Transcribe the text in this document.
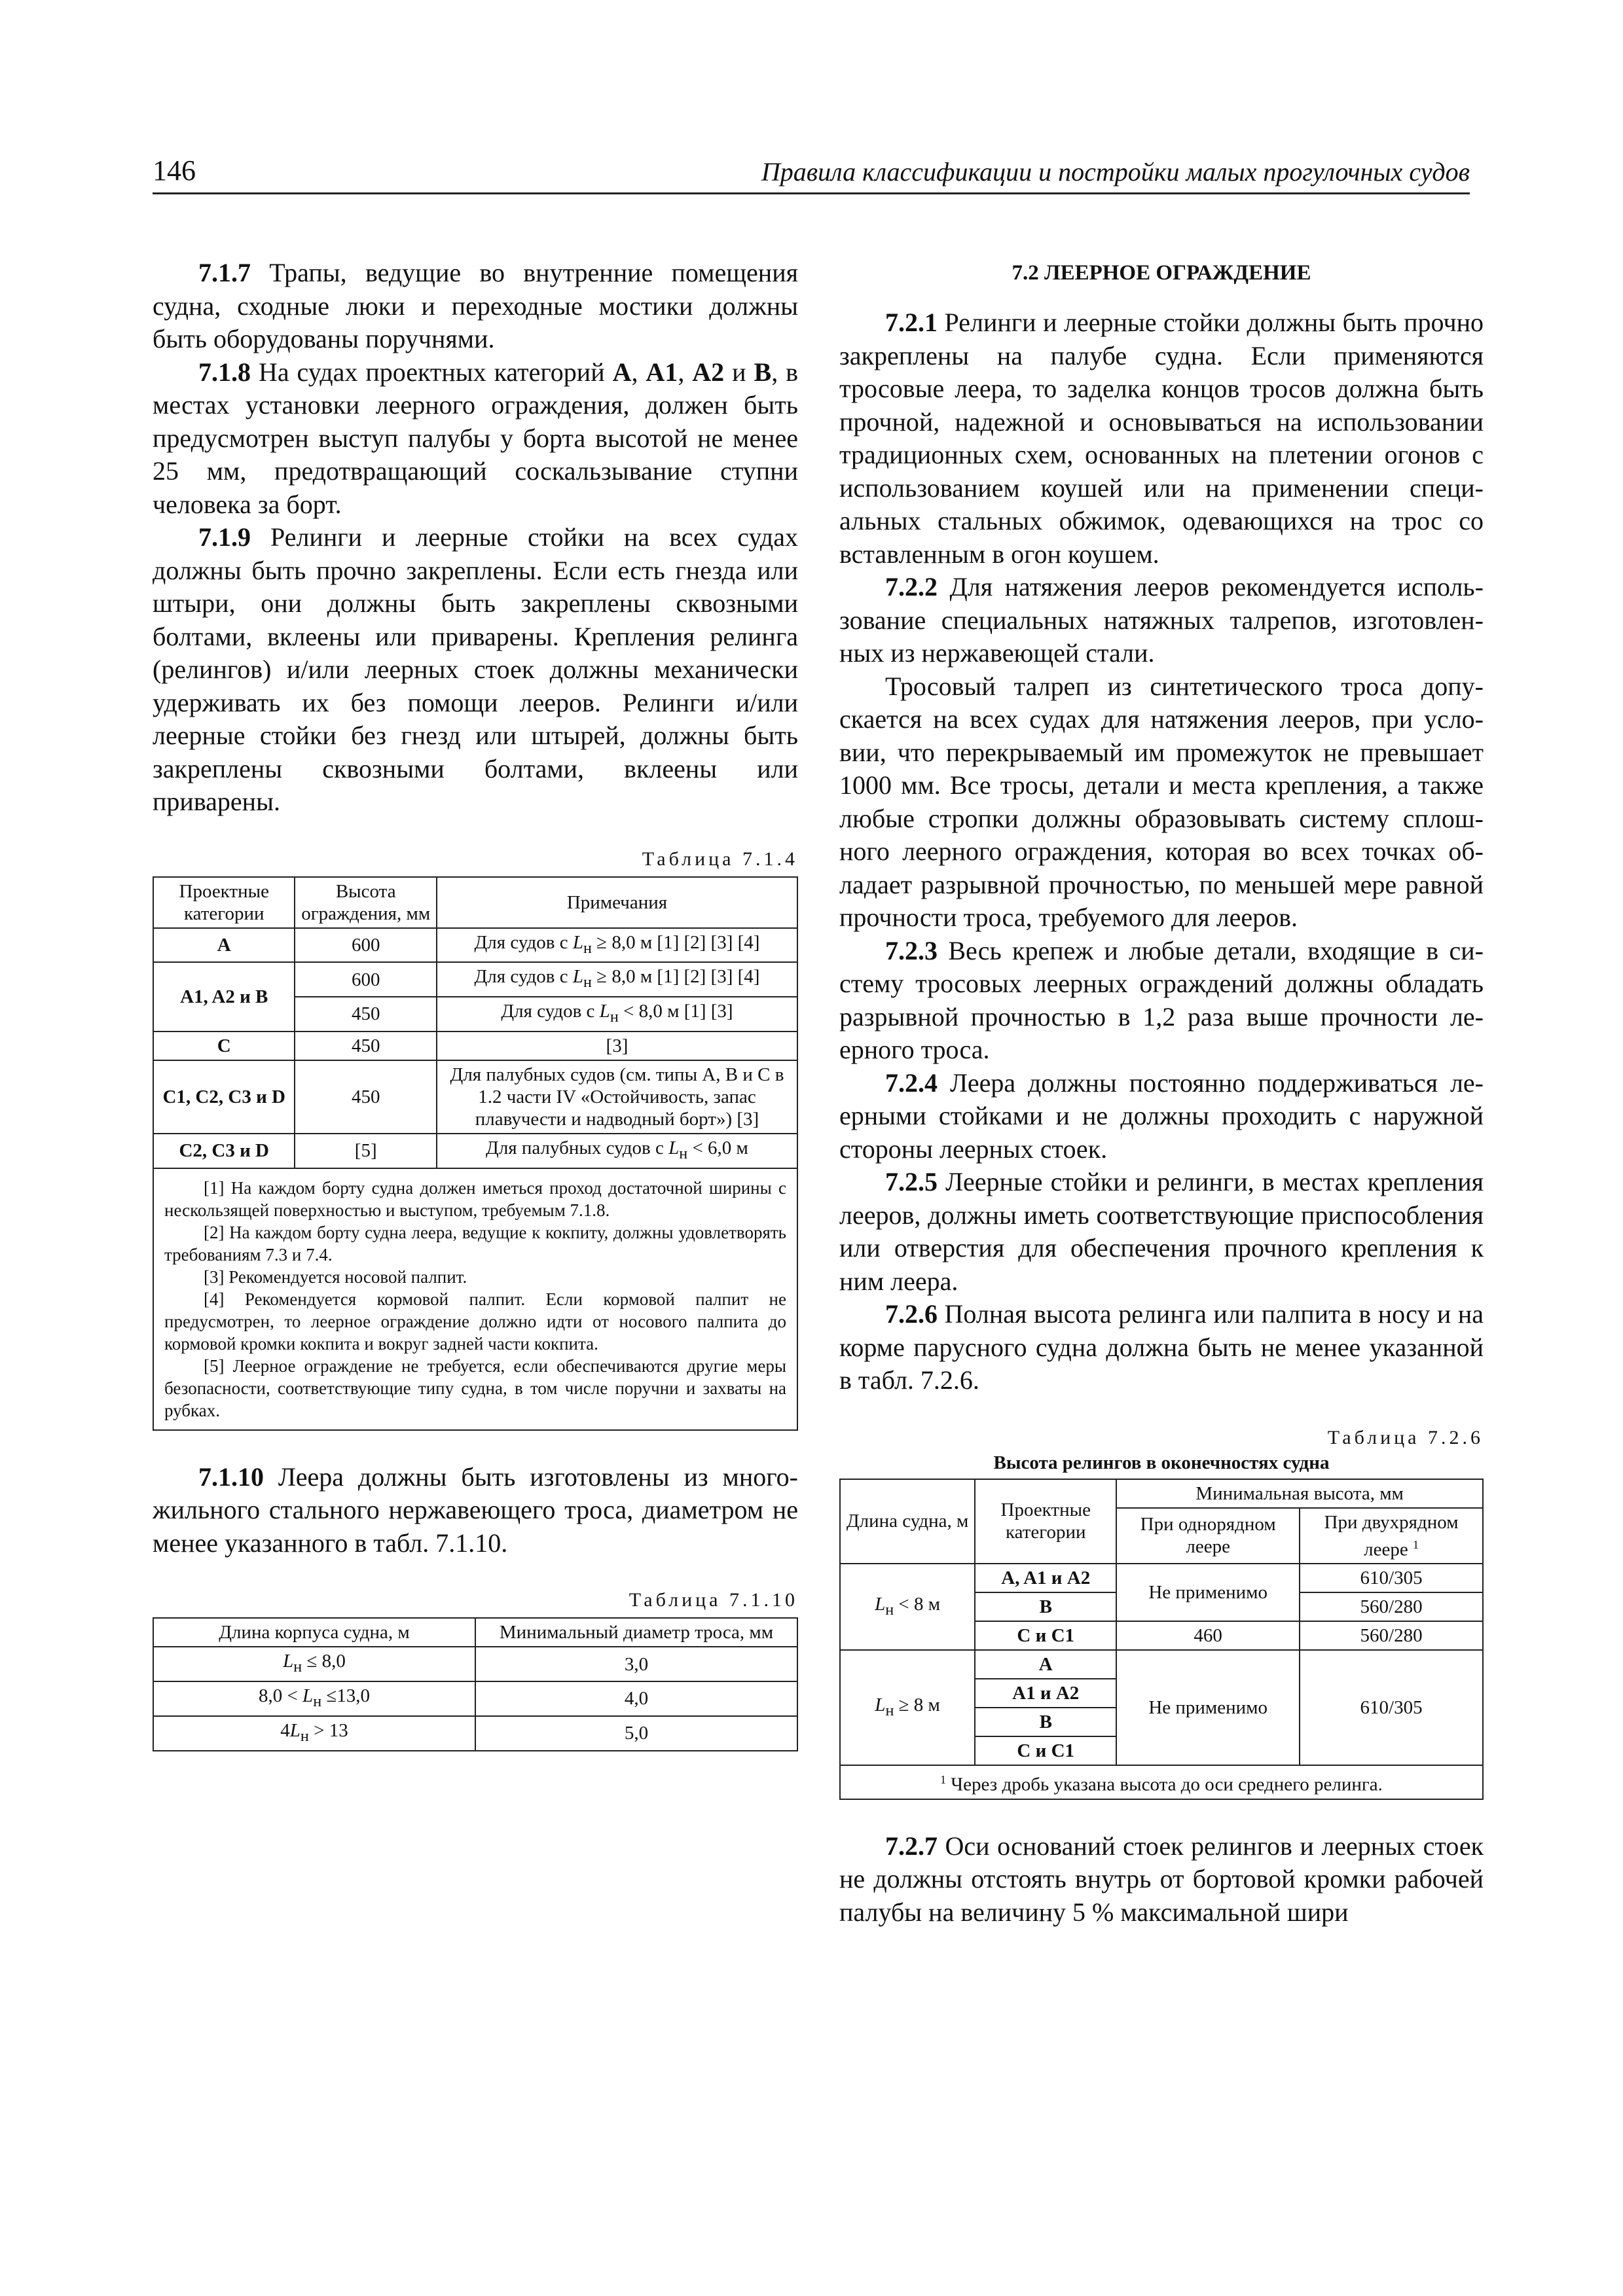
146	Правила классификации и постройки малых прогулочных судов

7.1.7 Трапы, ведущие во внутренние помещения судна, сходные люки и переходные мостики должны быть оборудованы поручнями.

7.1.8 На судах проектных категорий A, A1, A2 и B, в местах установки леерного ограждения, должен быть предусмотрен выступ палубы у борта высотой не менее 25 мм, предотвращающий соскальзывание ступни человека за борт.

7.1.9 Релинги и леерные стойки на всех судах должны быть прочно закреплены. Если есть гнезда или штыри, они должны быть закреплены сквозными болтами, вклеены или приварены. Крепления релинга (релингов) и/или леерных стоек должны механически удерживать их без помощи лееров. Релинги и/или леерные стойки без гнезд или штырей, должны быть закреплены сквозными болтами, вклеены или приварены.

Таблица 7.1.4
Проектные категории	Высота ограждения, мм	Примечания
A	600	Для судов с $L_н \ge 8,0$ м [1] [2] [3] [4]
A1, A2 и B	600	Для судов с $L_н \ge 8,0$ м [1] [2] [3] [4]
	450	Для судов с $L_н < 8,0$ м [1] [3]
C	450	[3]
C1, C2, C3 и D	450	Для палубных судов (см. типы A, B и C в 1.2 части IV «Остойчивость, запас плавучести и надводный борт») [3]
C2, C3 и D	[5]	Для палубных судов с $L_н < 6,0$ м

[1] На каждом борту судна должен иметься проход достаточной ширины с нескользящей поверхностью и выступом, требуемым 7.1.8.

[2] На каждом борту судна леера, ведущие к кокпиту, должны удовлетворять требованиям 7.3 и 7.4.

[3] Рекомендуется носовой палпит.

[4] Рекомендуется кормовой палпит. Если кормовой палпит не предусмотрен, то леерное ограждение должно идти от носового палпита до кормовой кромки кокпита и вокруг задней части кокпита.

[5] Леерное ограждение не требуется, если обеспечиваются другие меры безопасности, соответствующие типу судна, в том числе поручни и захваты на рубках.		

7.1.10 Леера должны быть изготовлены из многожильного стального нержавеющего троса, диаметром не менее указанного в табл. 7.1.10.

Таблица 7.1.10
Длина корпуса судна, м	Минимальный диаметр троса, мм
$L_н \le 8,0$	3,0
$8,0 < L_н \le 13,0$	4,0
$4L_н > 13$	5,0
7.2 ЛЕЕРНОЕ ОГРАЖДЕНИЕ

7.2.1 Релинги и леерные стойки должны быть прочно закреплены на палубе судна. Если применяются тросовые леера, то заделка концов тросов должна быть прочной, надежной и основываться на использовании традиционных схем, основанных на плетении огонов с использованием коушей или на применении специальных стальных обжимок, одевающихся на трос со вставленным в огон коушем.

7.2.2 Для натяжения лееров рекомендуется использование специальных натяжных талрепов, изготовленных из нержавеющей стали.

Тросовый талреп из синтетического троса допускается на всех судах для натяжения лееров, при условии, что перекрываемый им промежуток не превышает 1000 мм. Все тросы, детали и места крепления, а также любые стропки должны образовывать систему сплошного леерного ограждения, которая во всех точках обладает разрывной прочностью, по меньшей мере равной прочности троса, требуемого для лееров.

7.2.3 Весь крепеж и любые детали, входящие в систему тросовых леерных ограждений должны обладать разрывной прочностью в 1,2 раза выше прочности леерного троса.

7.2.4 Леера должны постоянно поддерживаться леерными стойками и не должны проходить с наружной стороны леерных стоек.

7.2.5 Леерные стойки и релинги, в местах крепления лееров, должны иметь соответствующие приспособления или отверстия для обеспечения прочного крепления к ним леера.

7.2.6 Полная высота релинга или палпита в носу и на корме парусного судна должна быть не менее указанной в табл. 7.2.6.

Таблица 7.2.6
Высота релингов в оконечностях судна
Длина судна, м	Проектные категории	Минимальная высота, мм	
		При однорядном леере	При двухрядном леере $^1$
$L_н < 8$ м	A, A1 и A2	Не применимо	610/305
	B		560/280
	C и C1	460	560/280
$L_н \ge 8$ м	A	Не применимо	610/305
	A1 и A2		
	B		
	C и C1		
$^1$ Через дробь указана высота до оси среднего релинга.			

7.2.7 Оси оснований стоек релингов и леерных стоек не должны отстоять внутрь от бортовой кромки рабочей палубы на величину 5 % максимальной шири
